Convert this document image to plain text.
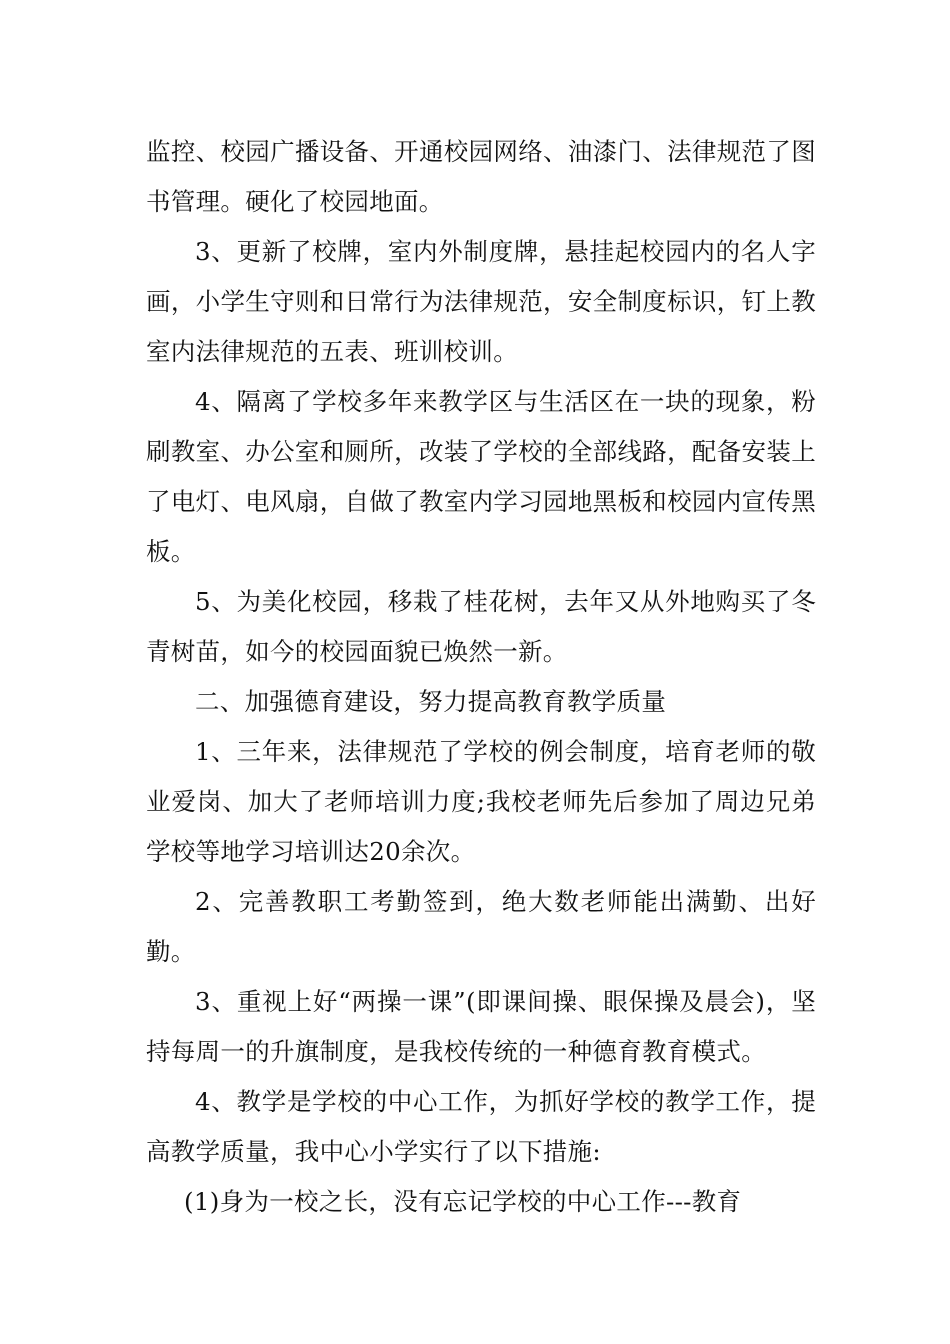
监控、校园广播设备、开通校园网络、油漆门、法律规范了图书管理。硬化了校园地面。

3、更新了校牌，室内外制度牌，悬挂起校园内的名人字画，小学生守则和日常行为法律规范，安全制度标识，钉上教室内法律规范的五表、班训校训。

4、隔离了学校多年来教学区与生活区在一块的现象，粉刷教室、办公室和厕所，改装了学校的全部线路，配备安装上了电灯、电风扇，自做了教室内学习园地黑板和校园内宣传黑板。

5、为美化校园，移栽了桂花树，去年又从外地购买了冬青树苗，如今的校园面貌已焕然一新。

二、加强德育建设，努力提高教育教学质量

1、三年来，法律规范了学校的例会制度，培育老师的敬业爱岗、加大了老师培训力度;我校老师先后参加了周边兄弟学校等地学习培训达20余次。

2、完善教职工考勤签到，绝大数老师能出满勤、出好勤。

3、重视上好“两操一课”(即课间操、眼保操及晨会)，坚持每周一的升旗制度，是我校传统的一种德育教育模式。

4、教学是学校的中心工作，为抓好学校的教学工作，提高教学质量，我中心小学实行了以下措施:

(1)身为一校之长，没有忘记学校的中心工作---教育
